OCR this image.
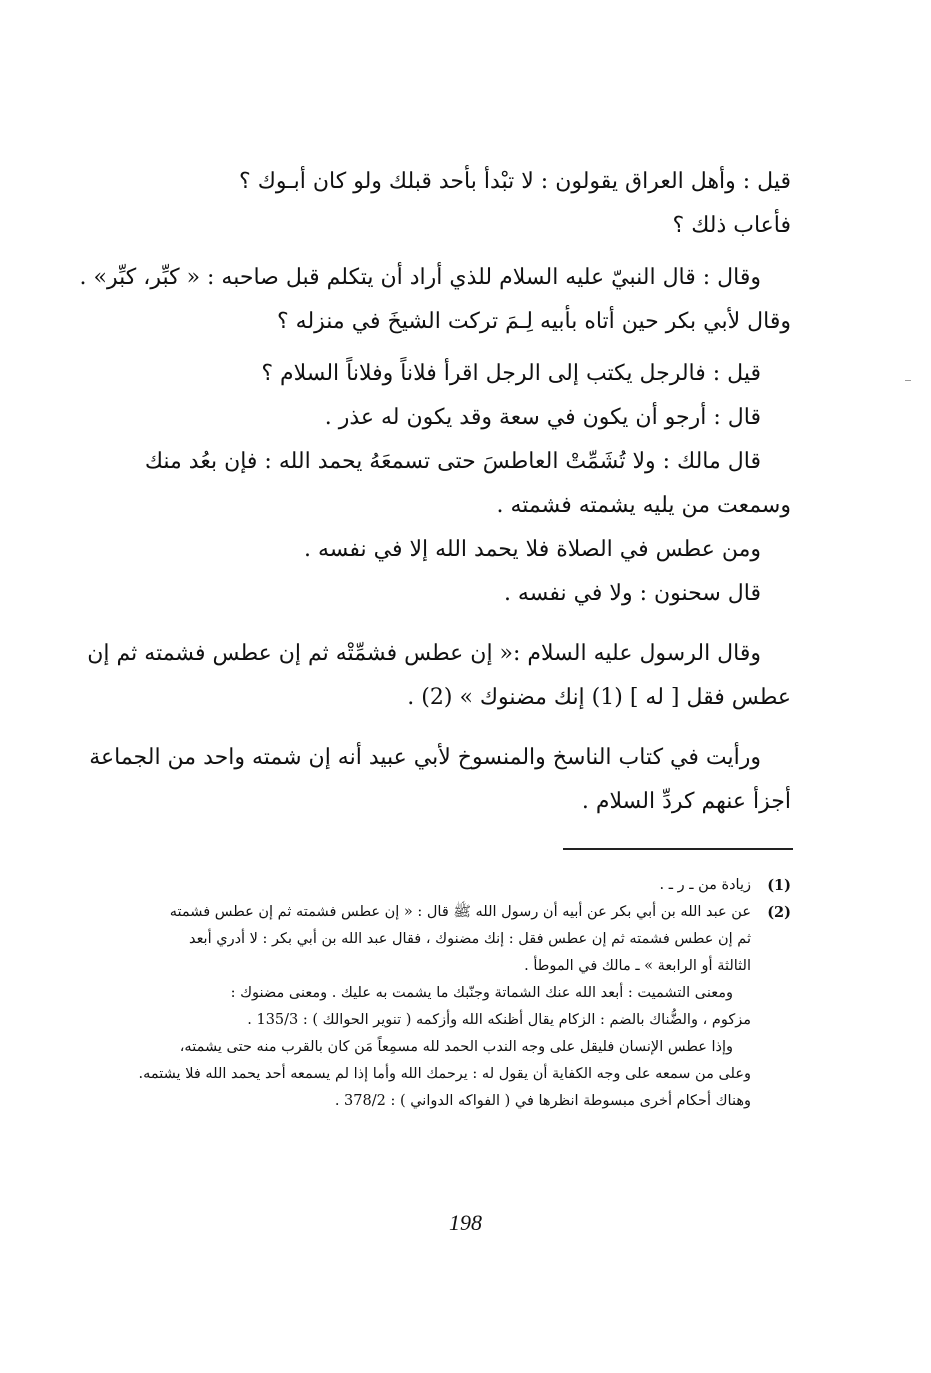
قيل : وأهل العراق يقولون : لا تبْدأ بأحد قبلك ولو كان أبـوك ؟
فأعاب ذلك ؟
وقال : قال النبيّ عليه السلام للذي أراد أن يتكلم قبل صاحبه : « كبِّر، كبِّر» .
وقال لأبي بكر حين أتاه بأبيه لِـمَ تركت الشيخَ في منزله ؟
قيل : فالرجل يكتب إلى الرجل اقرأ فلاناً وفلاناً السلام ؟
قال : أرجو أن يكون في سعة وقد يكون له عذر .
قال مالك : ولا تُشَمِّتْ العاطسَ حتى تسمعَهُ يحمد الله : فإن بعُد منك
وسمعت من يليه يشمته فشمته .
ومن عطس في الصلاة فلا يحمد الله إلا في نفسه .
قال سحنون : ولا في نفسه .
وقال الرسول عليه السلام :« إن عطس فشمِّتْه ثم إن عطس فشمته ثم إن
عطس فقل [ له ] (1) إنك مضنوك » (2) .
ورأيت في كتاب الناسخ والمنسوخ لأبي عبيد أنه إن شمته واحد من الجماعة
أجزأ عنهم كردِّ السلام .
(1)
زيادة من ـ ر ـ .
(2)
عن عبد الله بن أبي بكر عن أبيه أن رسول الله ﷺ قال : « إن عطس فشمته ثم إن عطس فشمته
ثم إن عطس فشمته ثم إن عطس فقل : إنك مضنوك ، فقال عبد الله بن أبي بكر : لا أدري أبعد
الثالثة أو الرابعة » ـ مالك في الموطأ .
ومعنى التشميت : أبعد الله عنك الشماتة وجنّبك ما يشمت به عليك . ومعنى مضنوك :
مزكوم ، والضُّناك بالضم : الزكام يقال أظنكه الله وأزكمه ( تنوير الحوالك ) : 135/3 .
وإذا عطس الإنسان فليقل على وجه الندب الحمد لله مسمِعاً مَن كان بالقرب منه حتى يشمته،
وعلى من سمعه على وجه الكفاية أن يقول له : يرحمك الله وأما إذا لم يسمعه أحد يحمد الله فلا يشتمه.
وهناك أحكام أخرى مبسوطة انظرها في ( الفواكه الدواني ) : 378/2 .
198
